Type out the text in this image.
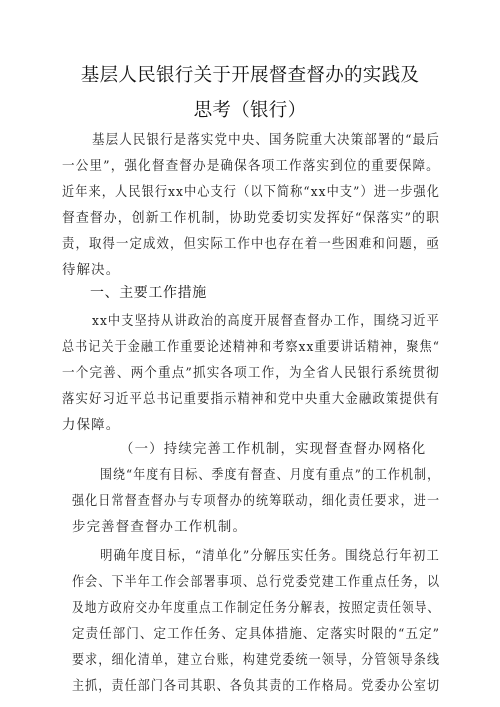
基层人民银行关于开展督查督办的实践及
思考（银行）
基层人民银行是落实党中央、国务院重大决策部署的“最后
一公里”，强化督查督办是确保各项工作落实到位的重要保障。
近年来，人民银行xx中心支行（以下简称“xx中支”）进一步强化
督查督办，创新工作机制，协助党委切实发挥好“保落实”的职
责，取得一定成效，但实际工作中也存在着一些困难和问题，亟
待解决。
一、主要工作措施
xx中支坚持从讲政治的高度开展督查督办工作，围绕习近平
总书记关于金融工作重要论述精神和考察xx重要讲话精神，聚焦“
一个完善、两个重点”抓实各项工作，为全省人民银行系统贯彻
落实好习近平总书记重要指示精神和党中央重大金融政策提供有
力保障。
（一）持续完善工作机制，实现督查督办网格化
围绕“年度有目标、季度有督查、月度有重点”的工作机制，
强化日常督查督办与专项督办的统筹联动，细化责任要求，进一
步完善督查督办工作机制。
明确年度目标，“清单化”分解压实任务。围绕总行年初工
作会、下半年工作会部署事项、总行党委党建工作重点任务，以
及地方政府交办年度重点工作制定任务分解表，按照定责任领导、
定责任部门、定工作任务、定具体措施、定落实时限的“五定”
要求，细化清单，建立台账，构建党委统一领导，分管领导条线
主抓，责任部门各司其职、各负其责的工作格局。党委办公室切
